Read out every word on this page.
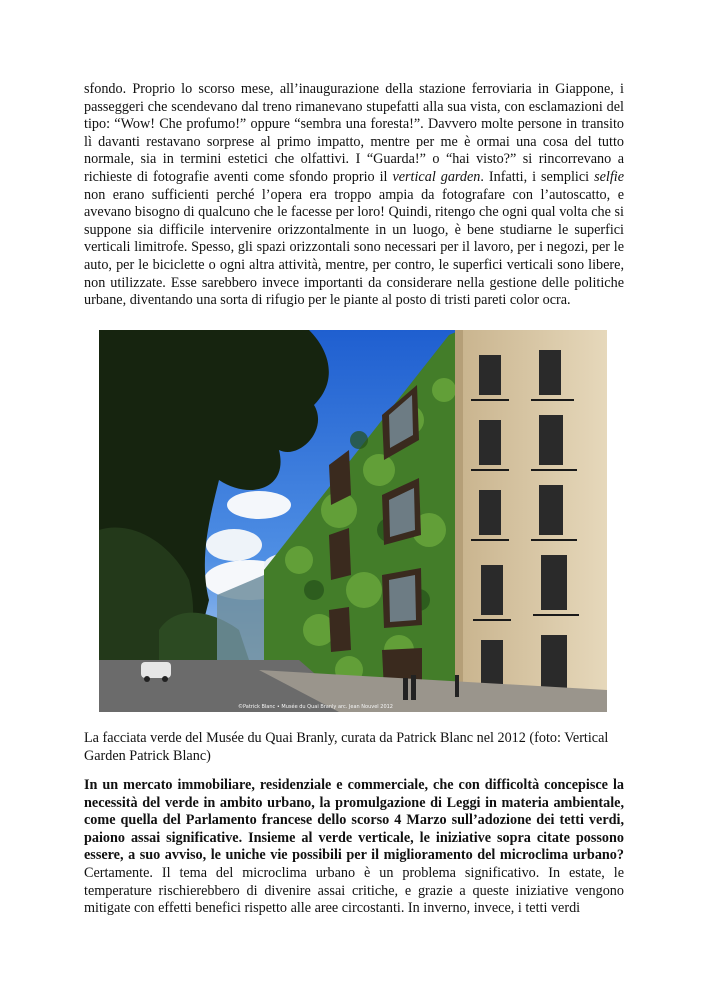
sfondo. Proprio lo scorso mese, all’inaugurazione della stazione ferroviaria in Giappone, i passeggeri che scendevano dal treno rimanevano stupefatti alla sua vista, con esclamazioni del tipo: “Wow! Che profumo!” oppure “sembra una foresta!”. Davvero molte persone in transito lì davanti restavano sorprese al primo impatto, mentre per me è ormai una cosa del tutto normale, sia in termini estetici che olfattivi. I “Guarda!” o “hai visto?” si rincorrevano a richieste di fotografie aventi come sfondo proprio il vertical garden. Infatti, i semplici selfie non erano sufficienti perché l’opera era troppo ampia da fotografare con l’autoscatto, e avevano bisogno di qualcuno che le facesse per loro! Quindi, ritengo che ogni qual volta che si suppone sia difficile intervenire orizzontalmente in un luogo, è bene studiarne le superfici verticali limitrofe. Spesso, gli spazi orizzontali sono necessari per il lavoro, per i negozi, per le auto, per le biciclette o ogni altra attività, mentre, per contro, le superfici verticali sono libere, non utilizzate. Esse sarebbero invece importanti da considerare nella gestione delle politiche urbane, diventando una sorta di rifugio per le piante al posto di tristi pareti color ocra.

©Patrick Blanc • Musée du Quai Branly arc. Jean Nouvel 2012

La facciata verde del Musée du Quai Branly, curata da Patrick Blanc nel 2012 (foto: Vertical Garden Patrick Blanc)

In un mercato immobiliare, residenziale e commerciale, che con difficoltà concepisce la necessità del verde in ambito urbano, la promulgazione di Leggi in materia ambientale, come quella del Parlamento francese dello scorso 4 Marzo sull’adozione dei tetti verdi, paiono assai significative. Insieme al verde verticale, le iniziative sopra citate possono essere, a suo avviso, le uniche vie possibili per il miglioramento del microclima urbano? Certamente. Il tema del microclima urbano è un problema significativo. In estate, le temperature rischierebbero di divenire assai critiche, e grazie a queste iniziative vengono mitigate con effetti benefici rispetto alle aree circostanti. In inverno, invece, i tetti verdi
